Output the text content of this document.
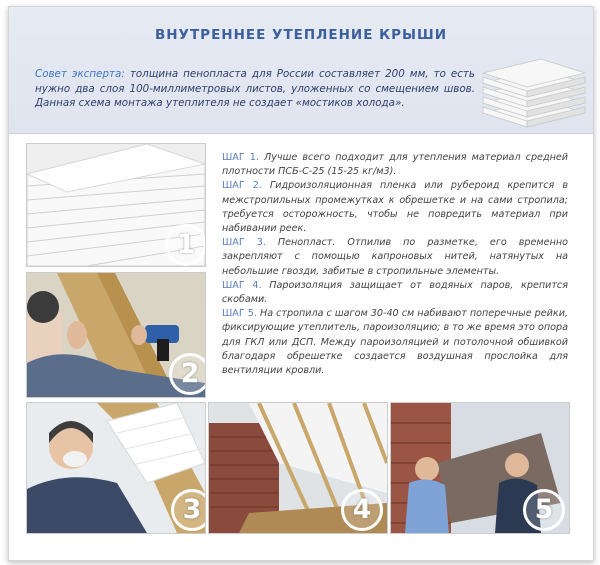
ВНУТРЕННЕЕ УТЕПЛЕНИЕ КРЫШИ
Совет эксперта: толщина пенопласта для России составляет 200 мм, то есть нужно два слоя 100-миллиметровых листов, уложенных со смещением швов. Данная схема монтажа утеплителя не создает «мостиков холода».
1
2
3	4	5

ШАГ 1. Лучше всего подходит для утепления материал средней плотности ПСБ-С-25 (15-25 кг/м3).

ШАГ 2. Гидроизоляционная пленка или рубероид крепится в межстропильных промежутках к обрешетке и на сами стропила; требуется осторожность, чтобы не повредить материал при набивании реек.

ШАГ 3. Пенопласт. Отпилив по разметке, его временно закрепляют с помощью капроновых нитей, натянутых на небольшие гвозди, забитые в стропильные элементы.

ШАГ 4. Пароизоляция защищает от водяных паров, крепится скобами.

ШАГ 5. На стропила с шагом 30-40 см набивают поперечные рейки, фиксирующие утеплитель, пароизоляцию; в то же время это опора для ГКЛ или ДСП. Между пароизоляцией и потолочной обшивкой благодаря обрешетке создается воздушная прослойка для вентиляции кровли.
